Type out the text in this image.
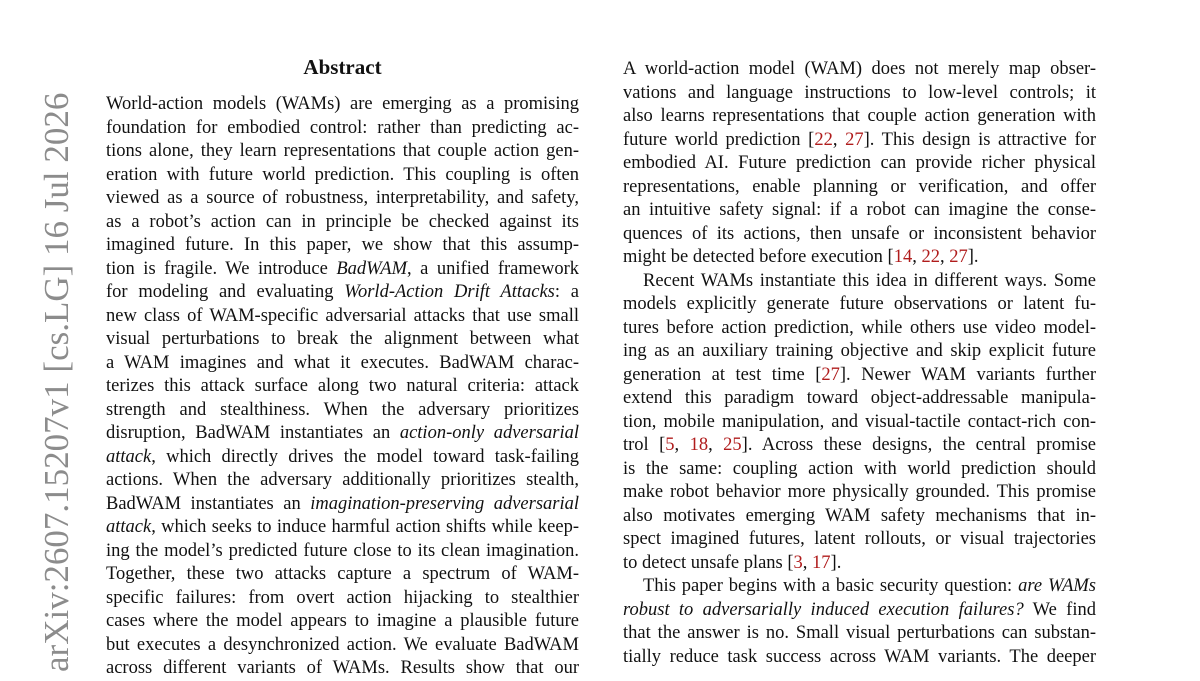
arXiv:2607.15207v1 [cs.LG] 16 Jul 2026
Abstract
World-action models (WAMs) are emerging as a promising
foundation for embodied control: rather than predicting ac-
tions alone, they learn representations that couple action gen-
eration with future world prediction. This coupling is often
viewed as a source of robustness, interpretability, and safety,
as a robot’s action can in principle be checked against its
imagined future. In this paper, we show that this assump-
tion is fragile. We introduce BadWAM, a unified framework
for modeling and evaluating World-Action Drift Attacks: a
new class of WAM-specific adversarial attacks that use small
visual perturbations to break the alignment between what
a WAM imagines and what it executes. BadWAM charac-
terizes this attack surface along two natural criteria: attack
strength and stealthiness. When the adversary prioritizes
disruption, BadWAM instantiates an action-only adversarial
attack, which directly drives the model toward task-failing
actions. When the adversary additionally prioritizes stealth,
BadWAM instantiates an imagination-preserving adversarial
attack, which seeks to induce harmful action shifts while keep-
ing the model’s predicted future close to its clean imagination.
Together, these two attacks capture a spectrum of WAM-
specific failures: from overt action hijacking to stealthier
cases where the model appears to imagine a plausible future
but executes a desynchronized action. We evaluate BadWAM
across different variants of WAMs. Results show that our
A world-action model (WAM) does not merely map obser-
vations and language instructions to low-level controls; it
also learns representations that couple action generation with
future world prediction [22, 27]. This design is attractive for
embodied AI. Future prediction can provide richer physical
representations, enable planning or verification, and offer
an intuitive safety signal: if a robot can imagine the conse-
quences of its actions, then unsafe or inconsistent behavior
might be detected before execution [14, 22, 27].
Recent WAMs instantiate this idea in different ways. Some
models explicitly generate future observations or latent fu-
tures before action prediction, while others use video model-
ing as an auxiliary training objective and skip explicit future
generation at test time [27]. Newer WAM variants further
extend this paradigm toward object-addressable manipula-
tion, mobile manipulation, and visual-tactile contact-rich con-
trol [5, 18, 25]. Across these designs, the central promise
is the same: coupling action with world prediction should
make robot behavior more physically grounded. This promise
also motivates emerging WAM safety mechanisms that in-
spect imagined futures, latent rollouts, or visual trajectories
to detect unsafe plans [3, 17].
This paper begins with a basic security question: are WAMs
robust to adversarially induced execution failures? We find
that the answer is no. Small visual perturbations can substan-
tially reduce task success across WAM variants. The deeper
